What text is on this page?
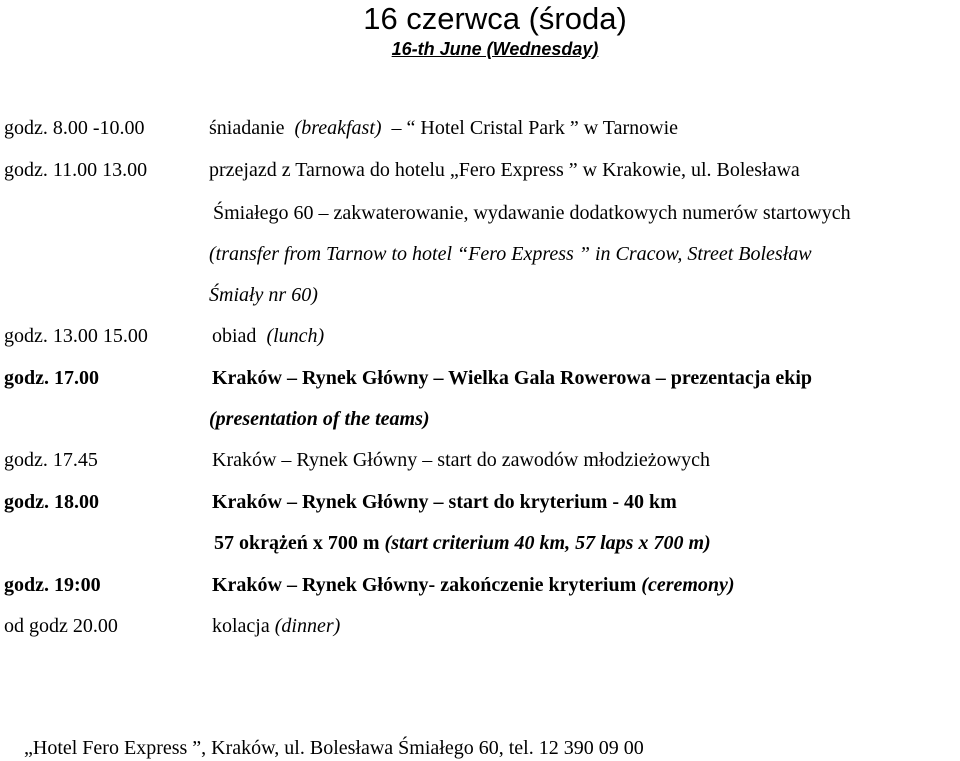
16 czerwca (środa)
16-th June (Wednesday)
godz. 8.00 -10.00	śniadanie (breakfast) – “ Hotel Cristal Park ” w Tarnowie
godz. 11.00 13.00	przejazd z Tarnowa do hotelu „Fero Express ” w Krakowie, ul. Bolesława
Śmiałego 60 – zakwaterowanie, wydawanie dodatkowych numerów startowych
(transfer from Tarnow to hotel “Fero Express ” in Cracow, Street Bolesław
Śmiały nr 60)
godz. 13.00 15.00	obiad (lunch)
godz. 17.00	Kraków – Rynek Główny – Wielka Gala Rowerowa – prezentacja ekip
(presentation of the teams)
godz. 17.45	Kraków – Rynek Główny – start do zawodów młodzieżowych
godz. 18.00	Kraków – Rynek Główny – start do kryterium - 40 km
57 okrążeń x 700 m (start criterium 40 km, 57 laps x 700 m)
godz. 19:00	Kraków – Rynek Główny- zakończenie kryterium (ceremony)
od godz 20.00	kolacja (dinner)
„Hotel Fero Express ”, Kraków, ul. Bolesława Śmiałego 60, tel. 12 390 09 00
